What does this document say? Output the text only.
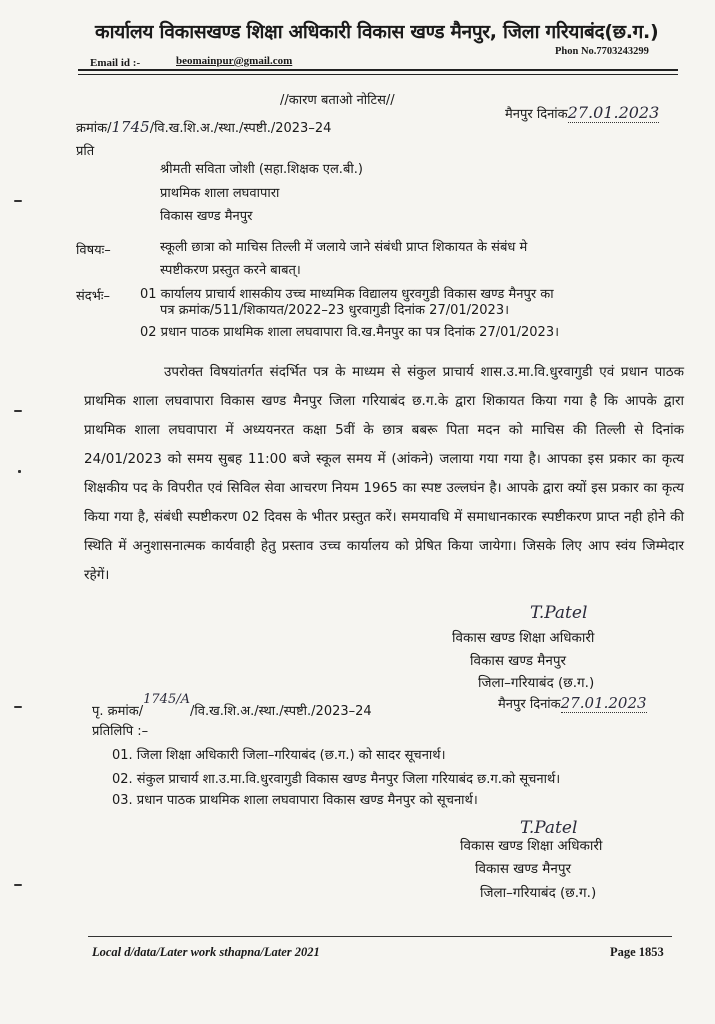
कार्यालय विकासखण्ड शिक्षा अधिकारी विकास खण्ड मैनपुर, जिला गरियाबंद(छ.ग.)
Phon No.7703243299
Email id :-	beomainpur@gmail.com
//कारण बताओ नोटिस//
क्रमांक/1745/वि.ख.शि.अ./स्था./स्पष्टी./2023–24
मैनपुर दिनांक27.01.2023
प्रति
श्रीमती सविता जोशी (सहा.शिक्षक एल.बी.)
प्राथमिक शाला लघवापारा
विकास खण्ड मैनपुर
विषयः–	स्कूली छात्रा को माचिस तिल्ली में जलाये जाने संबंधी प्राप्त शिकायत के संबंध मे
स्पष्टीकरण प्रस्तुत करने बाबत्।
संदर्भः– 01 कार्यालय प्राचार्य शासकीय उच्च माध्यमिक विद्यालय धुरवगुडी विकास खण्ड मैनपुर का
पत्र क्रमांक/511/शिकायत/2022–23 धुरवागुडी दिनांक 27/01/2023।
02 प्रधान पाठक प्राथमिक शाला लघवापारा वि.ख.मैनपुर का पत्र दिनांक 27/01/2023।
उपरोक्त विषयांतर्गत संदर्भित पत्र के माध्यम से संकुल प्राचार्य शास.उ.मा.वि.धुरवागुडी एवं प्रधान पाठक प्राथमिक शाला लघवापारा विकास खण्ड मैनपुर जिला गरियाबंद छ.ग.के द्वारा शिकायत किया गया है कि आपके द्वारा प्राथमिक शाला लघवापारा में अध्ययनरत कक्षा 5वीं के छात्र बबरू पिता मदन को माचिस की तिल्ली से दिनांक 24/01/2023 को समय सुबह 11:00 बजे स्कूल समय में (आंकने) जलाया गया गया है। आपका इस प्रकार का कृत्य शिक्षकीय पद के विपरीत एवं सिविल सेवा आचरण नियम 1965 का स्पष्ट उल्लघंन है। आपके द्वारा क्यों इस प्रकार का कृत्य किया गया है, संबंधी स्पष्टीकरण 02 दिवस के भीतर प्रस्तुत करें। समयावधि में समाधानकारक स्पष्टीकरण प्राप्त नही होने की स्थिति में अनुशासनात्मक कार्यवाही हेतु प्रस्ताव उच्च कार्यालय को प्रेषित किया जायेगा। जिसके लिए आप स्वंय जिम्मेदार रहेगें।
T.Patel
विकास खण्ड शिक्षा अधिकारी
विकास खण्ड मैनपुर
जिला–गरियाबंद (छ.ग.)
मैनपुर दिनांक27.01.2023
पृ. क्रमांक/1745/A/वि.ख.शि.अ./स्था./स्पष्टी./2023–24
प्रतिलिपि :–
01. जिला शिक्षा अधिकारी जिला–गरियाबंद (छ.ग.) को सादर सूचनार्थ।
02. संकुल प्राचार्य शा.उ.मा.वि.धुरवागुडी विकास खण्ड मैनपुर जिला गरियाबंद छ.ग.को सूचनार्थ।
03. प्रधान पाठक प्राथमिक शाला लघवापारा विकास खण्ड मैनपुर को सूचनार्थ।
T.Patel
विकास खण्ड शिक्षा अधिकारी
विकास खण्ड मैनपुर
जिला–गरियाबंद (छ.ग.)
Local d/data/Later work sthapna/Later 2021	Page 1853
